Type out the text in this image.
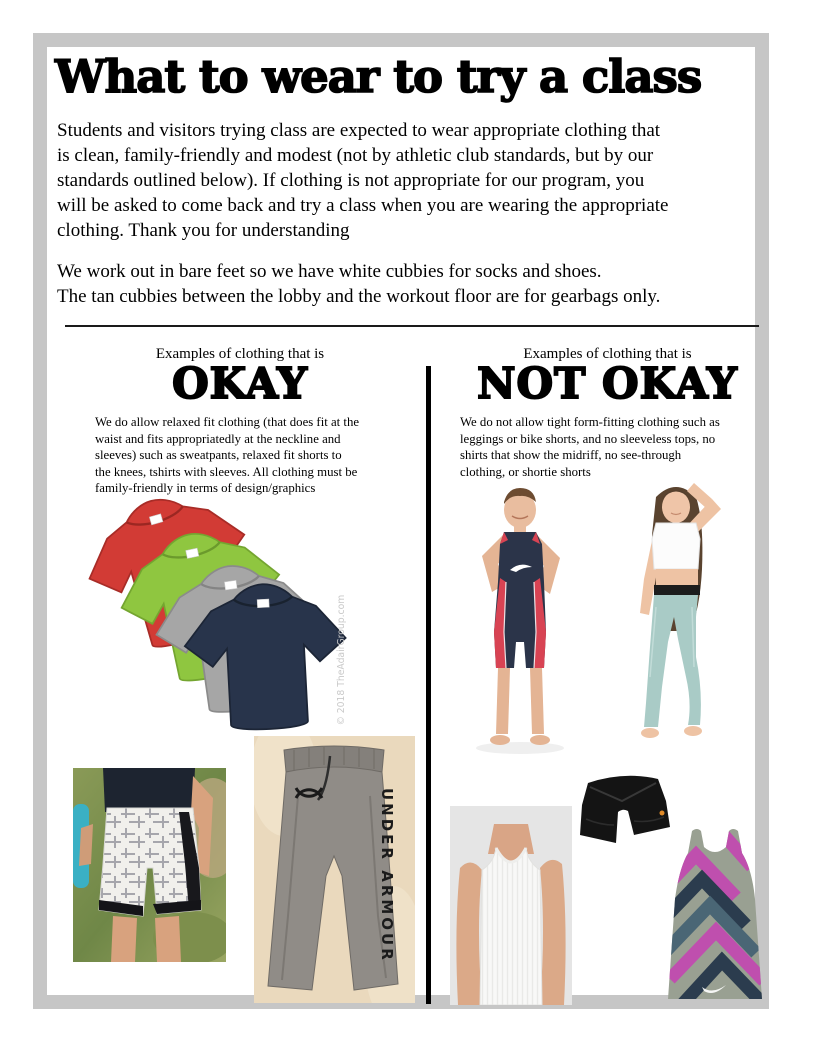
What to wear to try a class
Students and visitors trying class are expected to wear appropriate clothing that
is clean, family-friendly and modest (not by athletic club standards, but by our
standards outlined below). If clothing is not appropriate for our program, you
will be asked to come back and try a class when you are wearing the appropriate
clothing. Thank you for understanding
We work out in bare feet so we have white cubbies for socks and shoes.
The tan cubbies between the lobby and the workout floor are for gearbags only.
Examples of clothing that is
OKAY
We do allow relaxed fit clothing (that does fit at the
waist and fits appropriatedly at the neckline and
sleeves) such as sweatpants, relaxed fit shorts to
the knees, tshirts with sleeves. All clothing must be
family-friendly in terms of design/graphics
Examples of clothing that is
NOT OKAY
We do not allow tight form-fitting clothing such as
leggings or bike shorts, and no sleeveless tops, no
shirts that show the midriff, no see-through
clothing, or shortie shorts
© 2018 TheAdairGroup.com
UNDER ARMOUR
